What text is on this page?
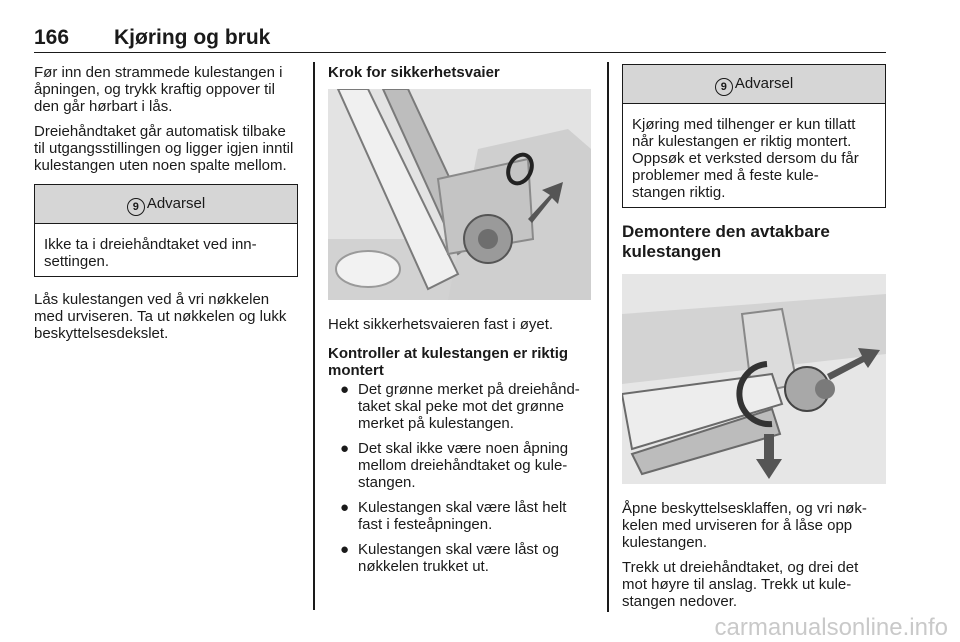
166 Kjøring og bruk

Før inn den strammede kulestangen i åpningen, og trykk kraftig oppover til den går hørbart i lås.

Dreiehåndtaket går automatisk tilbake til utgangsstillingen og ligger igjen inntil kulestangen uten noen spalte mellom.

9 Advarsel
Ikke ta i dreiehåndtaket ved inn- settingen.

Lås kulestangen ved å vri nøkkelen med urviseren. Ta ut nøkkelen og lukk beskyttelsesdekslet.

Krok for sikkerhetsvaier

Hekt sikkerhetsvaieren fast i øyet.

Kontroller at kulestangen er riktig montert
● Det grønne merket på dreiehånd- taket skal peke mot det grønne merket på kulestangen.
● Det skal ikke være noen åpning mellom dreiehåndtaket og kule- stangen.
● Kulestangen skal være låst helt fast i festeåpningen.
● Kulestangen skal være låst og nøkkelen trukket ut.
9 Advarsel
Kjøring med tilhenger er kun tillatt når kulestangen er riktig montert. Oppsøk et verksted dersom du får problemer med å feste kule- stangen riktig.
Demontere den avtakbare kulestangen

Åpne beskyttelsesklaffen, og vri nøk- kelen med urviseren for å låse opp kulestangen.

Trekk ut dreiehåndtaket, og drei det mot høyre til anslag. Trekk ut kule- stangen nedover.

carmanualsonline.info
